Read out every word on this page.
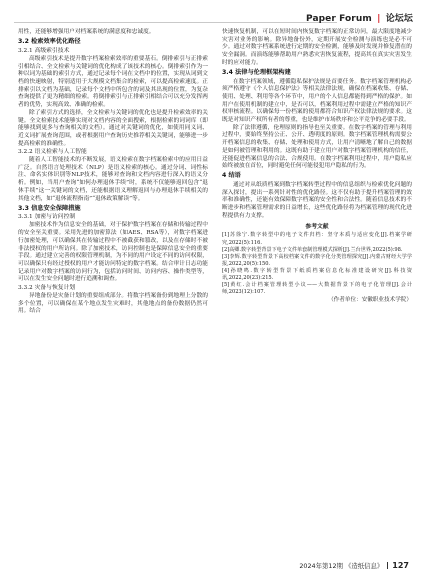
Paper Forum | 论坛坛

用性，还能够增强用户对档案系统的满意度和忠诚度。

3.2 检索效率优化路径
3.2.1 高级索引技术

高级索引技术是提升数字档案检索效率的重要基石。倒排索引与正排索引相结合、全文检索与关键词的优化构成了该技术的核心。倒排索引作为一种以词为基础的索引方式，通过记录每个词在文档中的位置，实现从词到文档的快速映射，特别适用于大规模文档集合的检索，可以提高检索速度。正排索引以文档为基础，记录每个文档中所包含的词及其出现的位置，为复杂查询提供了更为精细的检索。将倒排索引与正排索引相结合可以充分发挥两者的优势，实现高效、准确的检索。

除了索引方式的选择，全文检索与关键词的优化也是提升检索效率的关键。全文检索技术能够实现对文档内容的全面搜索，根据检索的词词库（即能够找到更多与查询相关的文档）。通过对关键词的优化，如使用同义词、近义词扩展查询范围，或者根据用户查询历史推荐相关关键词，能够进一步提高检索的准确性。

3.2.2 语义检索与人工智能

随着人工智能技术的不断发展，语义检索在数字档案检索中的应用日益广泛。自然语言处理技术（NLP）是语义检索的核心。通过分词、词性标注、命名实体识别等NLP技术，能够对查询和文档内容进行深入的语义分析。例如，当用户查询“如何办理退休手续”时，系统不仅能够返回包含“退休手续”这一关键词的文档，还能根据语义理解返回与办理退休手续相关的其他文档，如“退休流程指南”“退休政策解读”等。

3.3 信息安全保障措施
3.3.1 加密与访问控制

加密技术作为信息安全的基础，对于保护数字档案在存储和传输过程中的安全至关重要。采用先进的加密算法（如AES、RSA等），对数字档案进行加密处理，可以确保其在传输过程中不被截获和篡改，以及在存储时不被非法授权的用户所访问。除了加密技术，访问控制也是保障信息安全的重要手段。通过建立完善的权限管理机制，为不同的用户设定不同的访问权限，可以确保只有经过授权的用户才能访问特定的数字档案。结合审计日志功能记录用户对数字档案的访问行为，包括访问时间、访问内容、操作类型等，可以在发生安全问题时进行追溯和调查。

3.3.2 灾备与恢复计划

异地备份是灾备计划的重要组成部分。将数字档案备份到地理上分散的多个位置，可以确保在某个地点发生灾难时，其他地点的备份数据仍然可用。结合

快速恢复机制，可以在短时间内恢复数字档案的正常访问，最大限度地减少灾害对业务的影响。除异地备份外，定期开展安全检测与演练也是必不可少。通过对数字档案系统进行定期的安全检测，能够及时发现并修复潜在的安全漏洞。而演练能够帮助用户熟悉灾害恢复流程，提高其在真实灾害发生时的应对能力。

3.4 法律与伦理框架构建

在数字档案领域，遵循隐私保护法规是首要任务。数字档案管理机构必须严格遵守《个人信息保护法》等相关法律法规，确保在档案收集、存储、使用、处理、利用等各个环节中，用户的个人信息都能得到严格的保护。如用户在使用机制的建立中，是否可以，档案利用过程中需建立严格的知识产权审核流程。以确保每一份档案的使用都符合知识产权法律法规的要求。这既是对知识产权所有者的尊重，也是维护市场秩序和公平竞争的必要手段。

除了法律遵循，伦理原则的指导也至关重要。在数字档案的管理与利用过程中，要始终坚持公正、公开、透明度的原则。数字档案管理机构需要公开档案信息的收集、存储、处理和使用方式，让用户清晰地了解自己的数据是如何被管理和利用的。这既有助于建立用户对数字档案管理机构的信任，还能促进档案信息的合法、合规使用。在数字档案利用过程中，用户隐私应始终被放在首位，同时避免任何可能侵犯用户隐私的行为。

4 结语

通过对从纸质档案到数字档案转型过程中的信息组织与检索优化问题的深入探讨，提出一系列针对性的优化路径。这不仅有助于提升档案管理的效率和准确性，还能有效保障数字档案的安全性和合法性。随着信息技术的不断进步和档案管理需求的日益增长，这些优化路径将为档案管理的现代化进程提供有力支撑。

参考文献

[1]苏徐宁.数字转型中的电子文件归档：坚守本质与适应变化[J].档案学研究,2022(5):116.

[2]高卿.数字转型背景下电子文件单套制管理模式探析[J].兰台世界,2022(5):98.

[3]李辉.数字转型背景下高校档案文件的数字化分类管理探究[J].内蒙古财经大学学报,2022,20(5):150.

[4]孙晓鸣.数字转型背景下纸质档案信息化标准建设研究[J].科技资讯,2022,20(23):215.

[5]黄红.会计档案管理转型小议——大数据背景下的电子化管理[J].会计师,2023(12):107.

（作者单位：安徽职业技术学院）
2024年第12期 《造纸信息》 127
